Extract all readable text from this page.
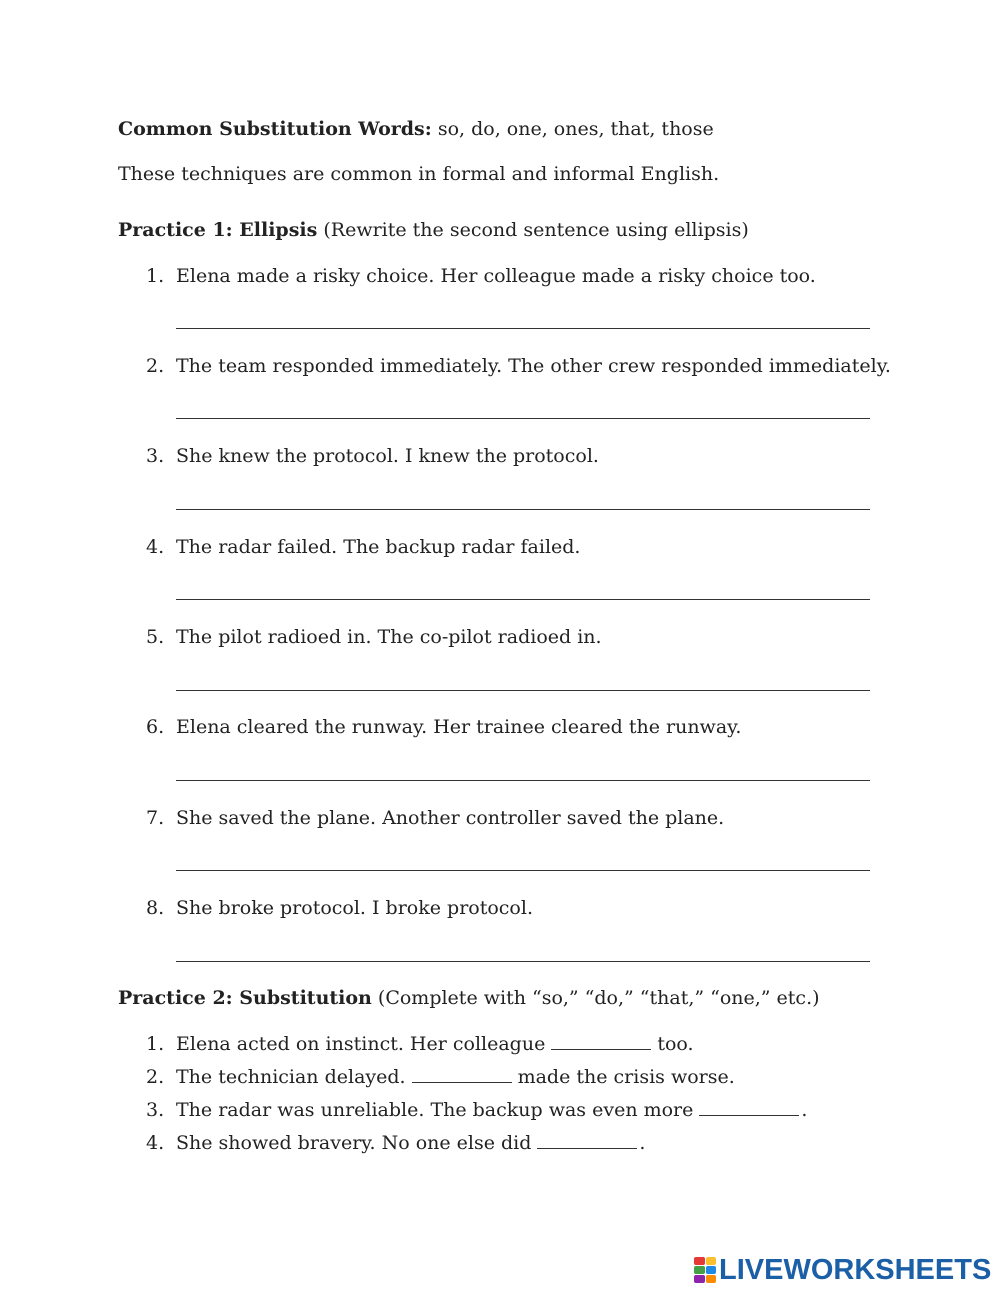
Common Substitution Words: so, do, one, ones, that, those
These techniques are common in formal and informal English.
Practice 1: Ellipsis (Rewrite the second sentence using ellipsis)
1. Elena made a risky choice. Her colleague made a risky choice too.
2. The team responded immediately. The other crew responded immediately.
3. She knew the protocol. I knew the protocol.
4. The radar failed. The backup radar failed.
5. The pilot radioed in. The co-pilot radioed in.
6. Elena cleared the runway. Her trainee cleared the runway.
7. She saved the plane. Another controller saved the plane.
8. She broke protocol. I broke protocol.
Practice 2: Substitution (Complete with “so,” “do,” “that,” “one,” etc.)
1. Elena acted on instinct. Her colleague	too.
2. The technician delayed.	made the crisis worse.
3. The radar was unreliable. The backup was even more	.
4. She showed bravery. No one else did	.
LIVEWORKSHEETS
